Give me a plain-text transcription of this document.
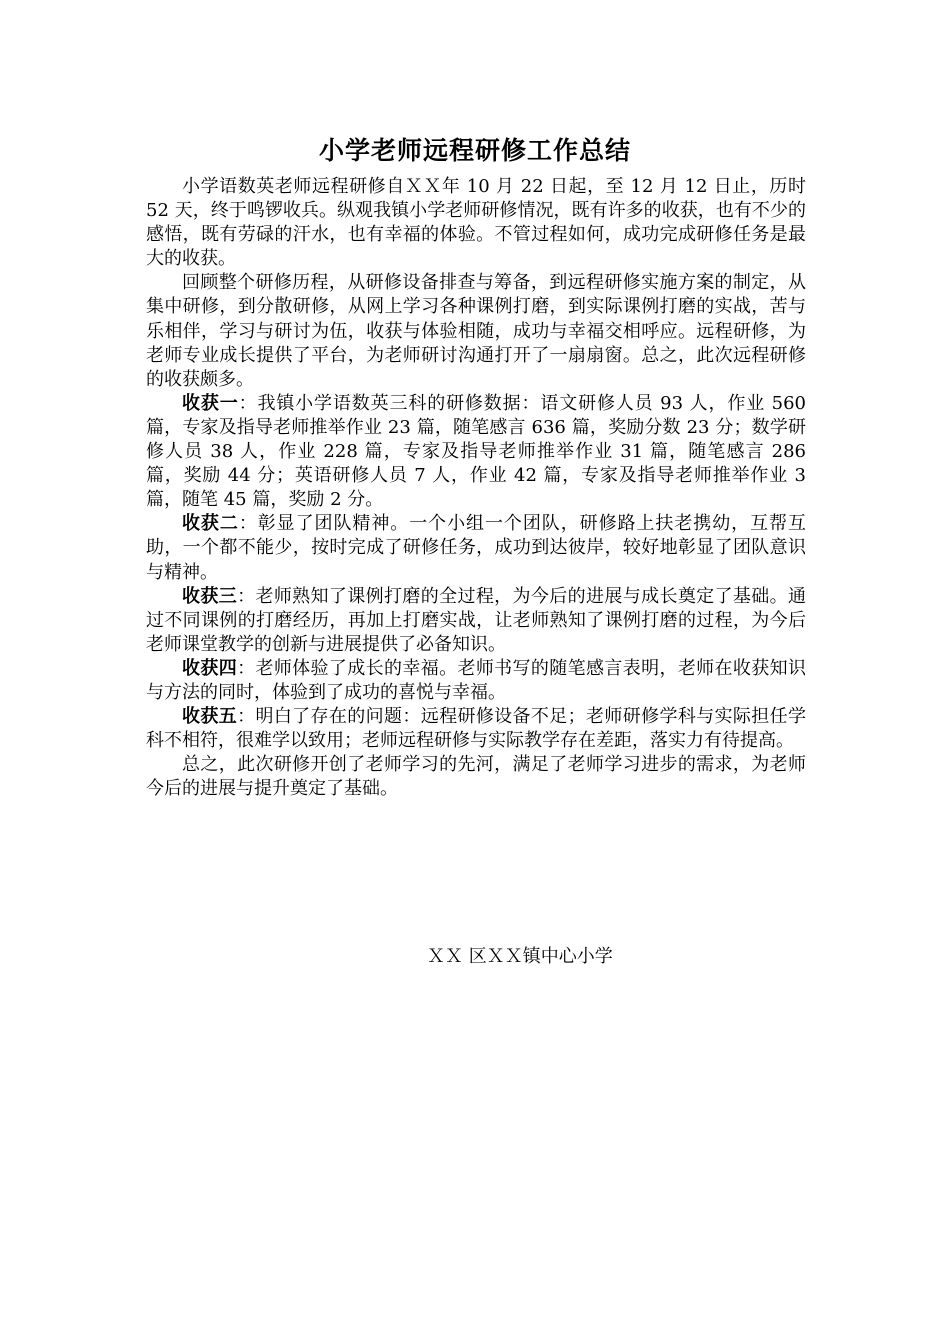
小学老师远程研修工作总结

小学语数英老师远程研修自ＸＸ年 10 月 22 日起，至 12 月 12 日止，历时 52 天，终于鸣锣收兵。纵观我镇小学老师研修情况，既有许多的收获，也有不少的感悟，既有劳碌的汗水，也有幸福的体验。不管过程如何，成功完成研修任务是最大的收获。

回顾整个研修历程，从研修设备排查与筹备，到远程研修实施方案的制定，从集中研修，到分散研修，从网上学习各种课例打磨，到实际课例打磨的实战，苦与乐相伴，学习与研讨为伍，收获与体验相随，成功与幸福交相呼应。远程研修，为老师专业成长提供了平台，为老师研讨沟通打开了一扇扇窗。总之，此次远程研修的收获颇多。

收获一：我镇小学语数英三科的研修数据：语文研修人员 93 人，作业 560 篇，专家及指导老师推举作业 23 篇，随笔感言 636 篇，奖励分数 23 分；数学研修人员 38 人，作业 228 篇，专家及指导老师推举作业 31 篇，随笔感言 286 篇，奖励 44 分；英语研修人员 7 人，作业 42 篇，专家及指导老师推举作业 3 篇，随笔 45 篇，奖励 2 分。

收获二：彰显了团队精神。一个小组一个团队，研修路上扶老携幼，互帮互助，一个都不能少，按时完成了研修任务，成功到达彼岸，较好地彰显了团队意识与精神。

收获三：老师熟知了课例打磨的全过程，为今后的进展与成长奠定了基础。通过不同课例的打磨经历，再加上打磨实战，让老师熟知了课例打磨的过程，为今后老师课堂教学的创新与进展提供了必备知识。

收获四：老师体验了成长的幸福。老师书写的随笔感言表明，老师在收获知识与方法的同时，体验到了成功的喜悦与幸福。

收获五：明白了存在的问题：远程研修设备不足；老师研修学科与实际担任学科不相符，很难学以致用；老师远程研修与实际教学存在差距，落实力有待提高。

总之，此次研修开创了老师学习的先河，满足了老师学习进步的需求，为老师今后的进展与提升奠定了基础。

ＸＸ 区ＸＸ镇中心小学
